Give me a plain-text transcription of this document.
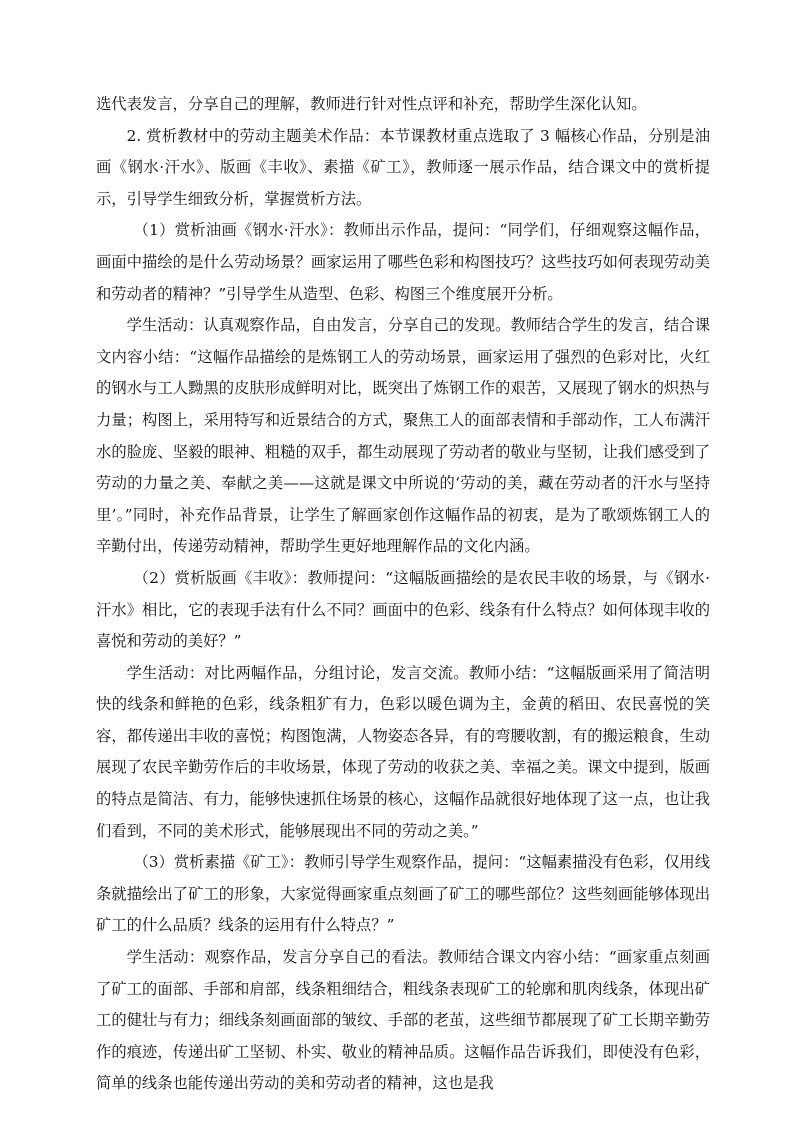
选代表发言，分享自己的理解，教师进行针对性点评和补充，帮助学生深化认知。

2. 赏析教材中的劳动主题美术作品：本节课教材重点选取了 3 幅核心作品，分别是油画《钢水·汗水》、版画《丰收》、素描《矿工》，教师逐一展示作品，结合课文中的赏析提示，引导学生细致分析，掌握赏析方法。

（1）赏析油画《钢水·汗水》：教师出示作品，提问：“同学们，仔细观察这幅作品，画面中描绘的是什么劳动场景？画家运用了哪些色彩和构图技巧？这些技巧如何表现劳动美和劳动者的精神？”引导学生从造型、色彩、构图三个维度展开分析。

学生活动：认真观察作品，自由发言，分享自己的发现。教师结合学生的发言，结合课文内容小结：“这幅作品描绘的是炼钢工人的劳动场景，画家运用了强烈的色彩对比，火红的钢水与工人黝黑的皮肤形成鲜明对比，既突出了炼钢工作的艰苦，又展现了钢水的炽热与力量；构图上，采用特写和近景结合的方式，聚焦工人的面部表情和手部动作，工人布满汗水的脸庞、坚毅的眼神、粗糙的双手，都生动展现了劳动者的敬业与坚韧，让我们感受到了劳动的力量之美、奉献之美——这就是课文中所说的‘劳动的美，藏在劳动者的汗水与坚持里’。”同时，补充作品背景，让学生了解画家创作这幅作品的初衷，是为了歌颂炼钢工人的辛勤付出，传递劳动精神，帮助学生更好地理解作品的文化内涵。

（2）赏析版画《丰收》：教师提问：“这幅版画描绘的是农民丰收的场景，与《钢水·汗水》相比，它的表现手法有什么不同？画面中的色彩、线条有什么特点？如何体现丰收的喜悦和劳动的美好？”

学生活动：对比两幅作品，分组讨论，发言交流。教师小结：“这幅版画采用了简洁明快的线条和鲜艳的色彩，线条粗犷有力，色彩以暖色调为主，金黄的稻田、农民喜悦的笑容，都传递出丰收的喜悦；构图饱满，人物姿态各异，有的弯腰收割，有的搬运粮食，生动展现了农民辛勤劳作后的丰收场景，体现了劳动的收获之美、幸福之美。课文中提到，版画的特点是简洁、有力，能够快速抓住场景的核心，这幅作品就很好地体现了这一点，也让我们看到，不同的美术形式，能够展现出不同的劳动之美。”

（3）赏析素描《矿工》：教师引导学生观察作品，提问：“这幅素描没有色彩，仅用线条就描绘出了矿工的形象，大家觉得画家重点刻画了矿工的哪些部位？这些刻画能够体现出矿工的什么品质？线条的运用有什么特点？”

学生活动：观察作品，发言分享自己的看法。教师结合课文内容小结：“画家重点刻画了矿工的面部、手部和肩部，线条粗细结合，粗线条表现矿工的轮廓和肌肉线条，体现出矿工的健壮与有力；细线条刻画面部的皱纹、手部的老茧，这些细节都展现了矿工长期辛勤劳作的痕迹，传递出矿工坚韧、朴实、敬业的精神品质。这幅作品告诉我们，即使没有色彩，简单的线条也能传递出劳动的美和劳动者的精神，这也是我
